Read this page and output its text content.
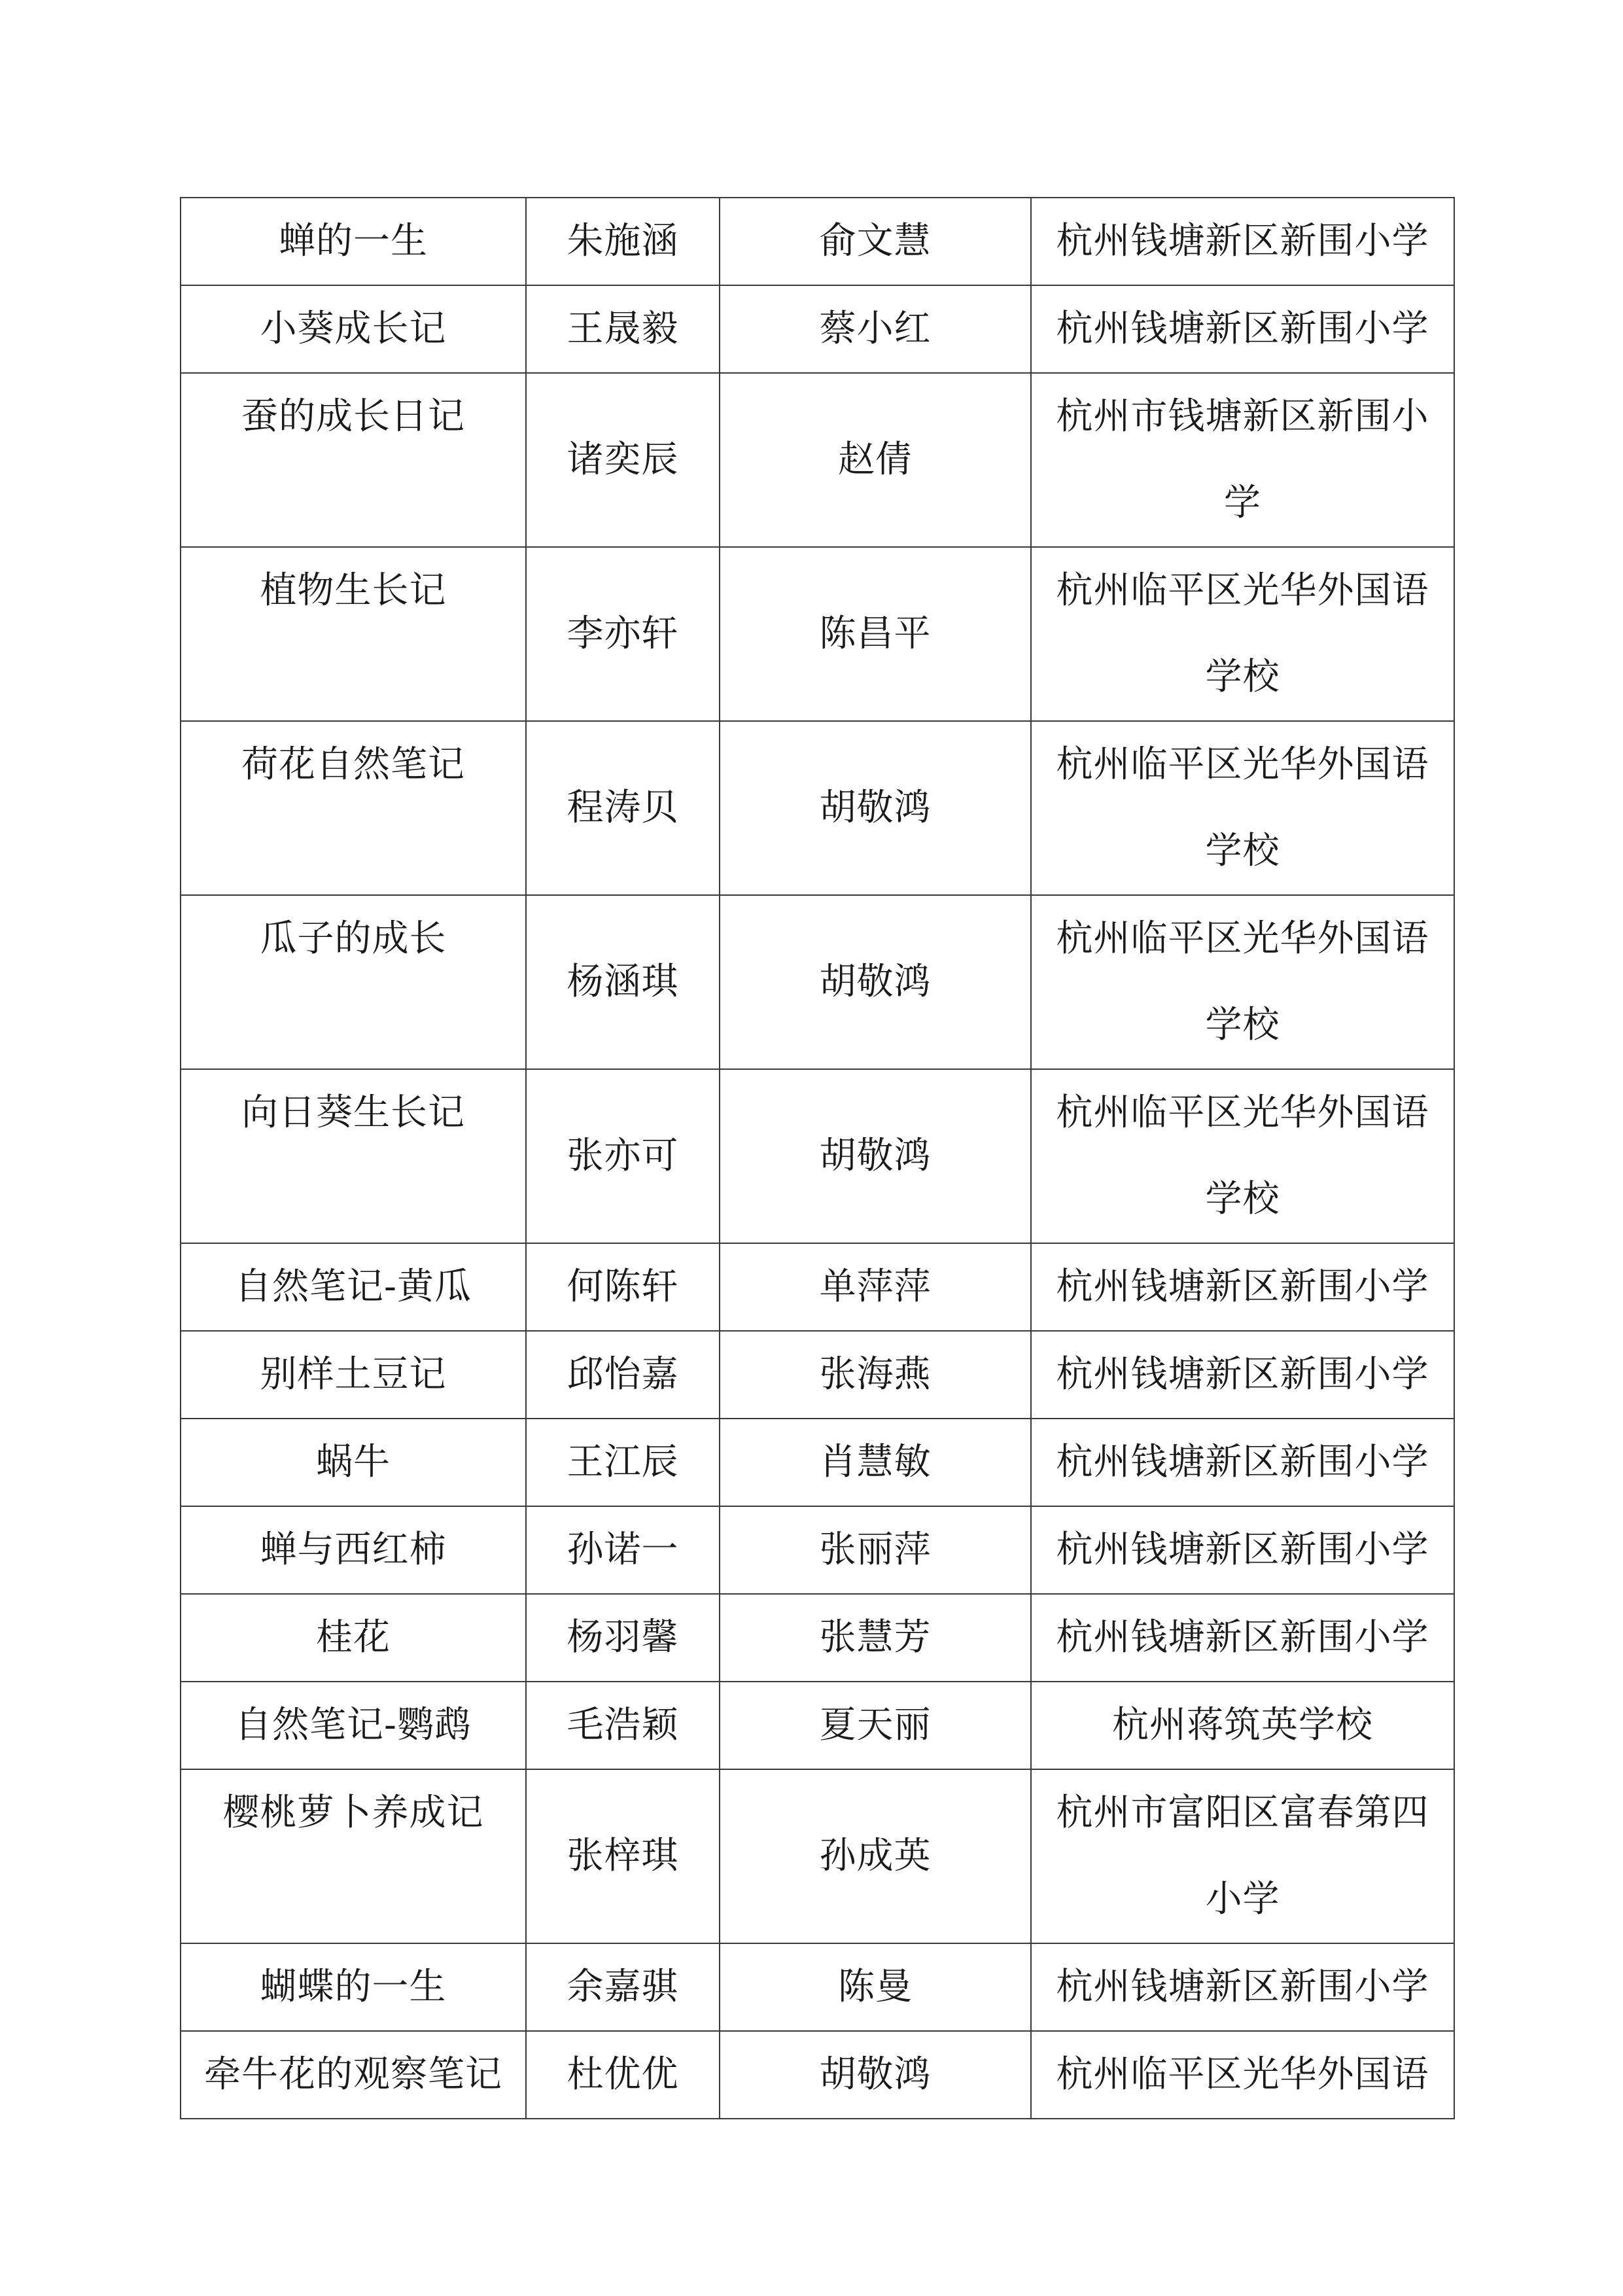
蝉的一生	朱施涵	俞文慧	杭州钱塘新区新围小学
小葵成长记	王晟毅	蔡小红	杭州钱塘新区新围小学
蚕的成长日记	诸奕辰	赵倩	杭州市钱塘新区新围小学
植物生长记	李亦轩	陈昌平	杭州临平区光华外国语学校
荷花自然笔记	程涛贝	胡敬鸿	杭州临平区光华外国语学校
瓜子的成长	杨涵琪	胡敬鸿	杭州临平区光华外国语学校
向日葵生长记	张亦可	胡敬鸿	杭州临平区光华外国语学校
自然笔记-黄瓜	何陈轩	单萍萍	杭州钱塘新区新围小学
别样土豆记	邱怡嘉	张海燕	杭州钱塘新区新围小学
蜗牛	王江辰	肖慧敏	杭州钱塘新区新围小学
蝉与西红柿	孙诺一	张丽萍	杭州钱塘新区新围小学
桂花	杨羽馨	张慧芳	杭州钱塘新区新围小学
自然笔记-鹦鹉	毛浩颖	夏天丽	杭州蒋筑英学校
樱桃萝卜养成记	张梓琪	孙成英	杭州市富阳区富春第四小学
蝴蝶的一生	余嘉骐	陈曼	杭州钱塘新区新围小学
牵牛花的观察笔记	杜优优	胡敬鸿	杭州临平区光华外国语
